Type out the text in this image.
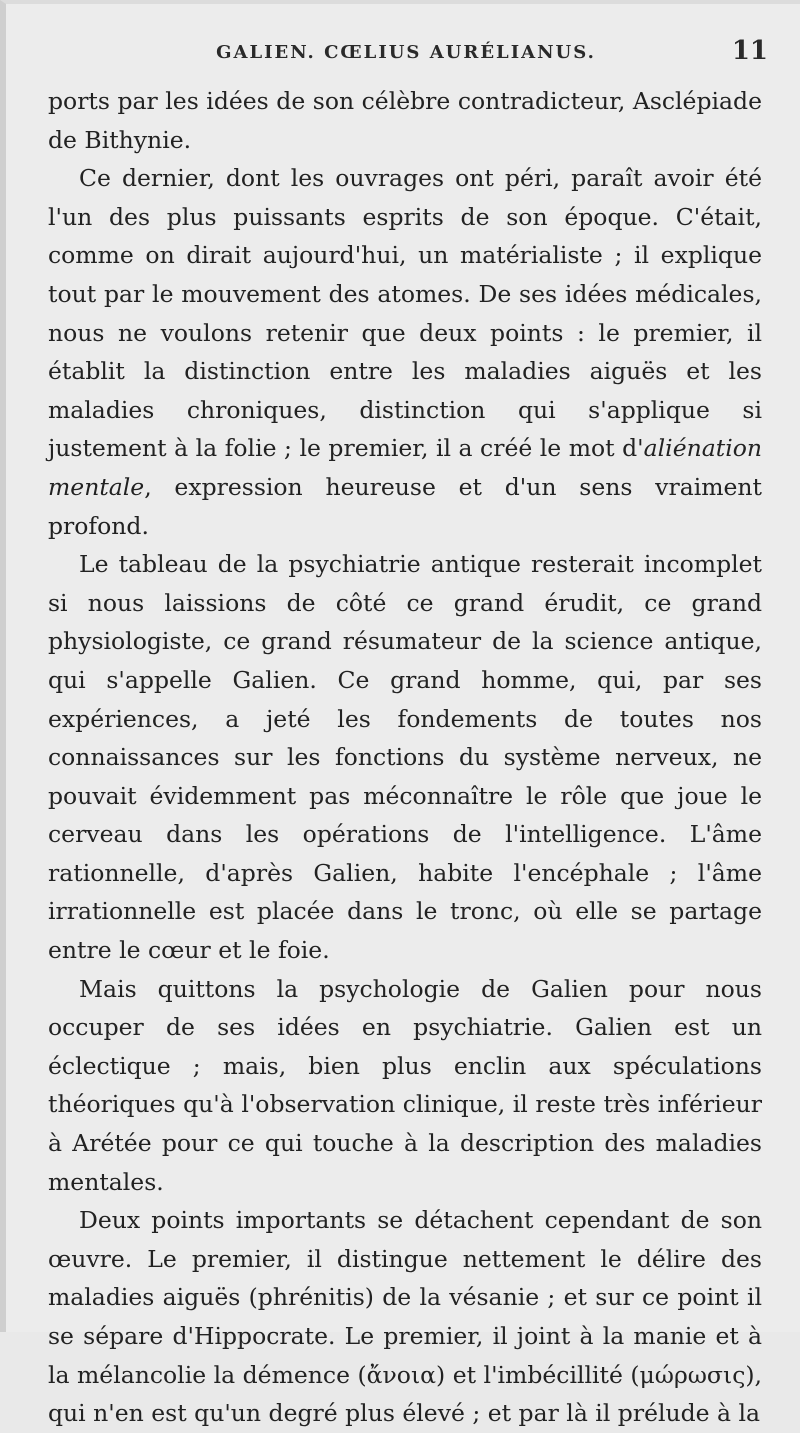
GALIEN. CŒLIUS AURÉLIANUS.	11

ports par les idées de son célèbre contradicteur, Asclépiade de Bithynie.

Ce dernier, dont les ouvrages ont péri, paraît avoir été l'un des plus puissants esprits de son époque. C'était, comme on dirait aujourd'hui, un matérialiste ; il explique tout par le mouvement des atomes. De ses idées médicales, nous ne voulons retenir que deux points : le premier, il établit la distinction entre les maladies aiguës et les maladies chroniques, distinction qui s'applique si justement à la folie ; le premier, il a créé le mot d'aliénation mentale, expression heureuse et d'un sens vraiment profond.

Le tableau de la psychiatrie antique resterait incomplet si nous laissions de côté ce grand érudit, ce grand physiologiste, ce grand résumateur de la science antique, qui s'appelle Galien. Ce grand homme, qui, par ses expériences, a jeté les fondements de toutes nos connaissances sur les fonctions du système nerveux, ne pouvait évidemment pas méconnaître le rôle que joue le cerveau dans les opérations de l'intelligence. L'âme rationnelle, d'après Galien, habite l'encéphale ; l'âme irrationnelle est placée dans le tronc, où elle se partage entre le cœur et le foie.

Mais quittons la psychologie de Galien pour nous occuper de ses idées en psychiatrie. Galien est un éclectique ; mais, bien plus enclin aux spéculations théoriques qu'à l'observation clinique, il reste très inférieur à Arétée pour ce qui touche à la description des maladies mentales.

Deux points importants se détachent cependant de son œuvre. Le premier, il distingue nettement le délire des maladies aiguës (phrénitis) de la vésanie ; et sur ce point il se sépare d'Hippocrate. Le premier, il joint à la manie et à la mélancolie la démence (ἄνοια) et l'imbécillité (μώρωσις), qui n'en est qu'un degré plus élevé ; et par là il prélude à la
